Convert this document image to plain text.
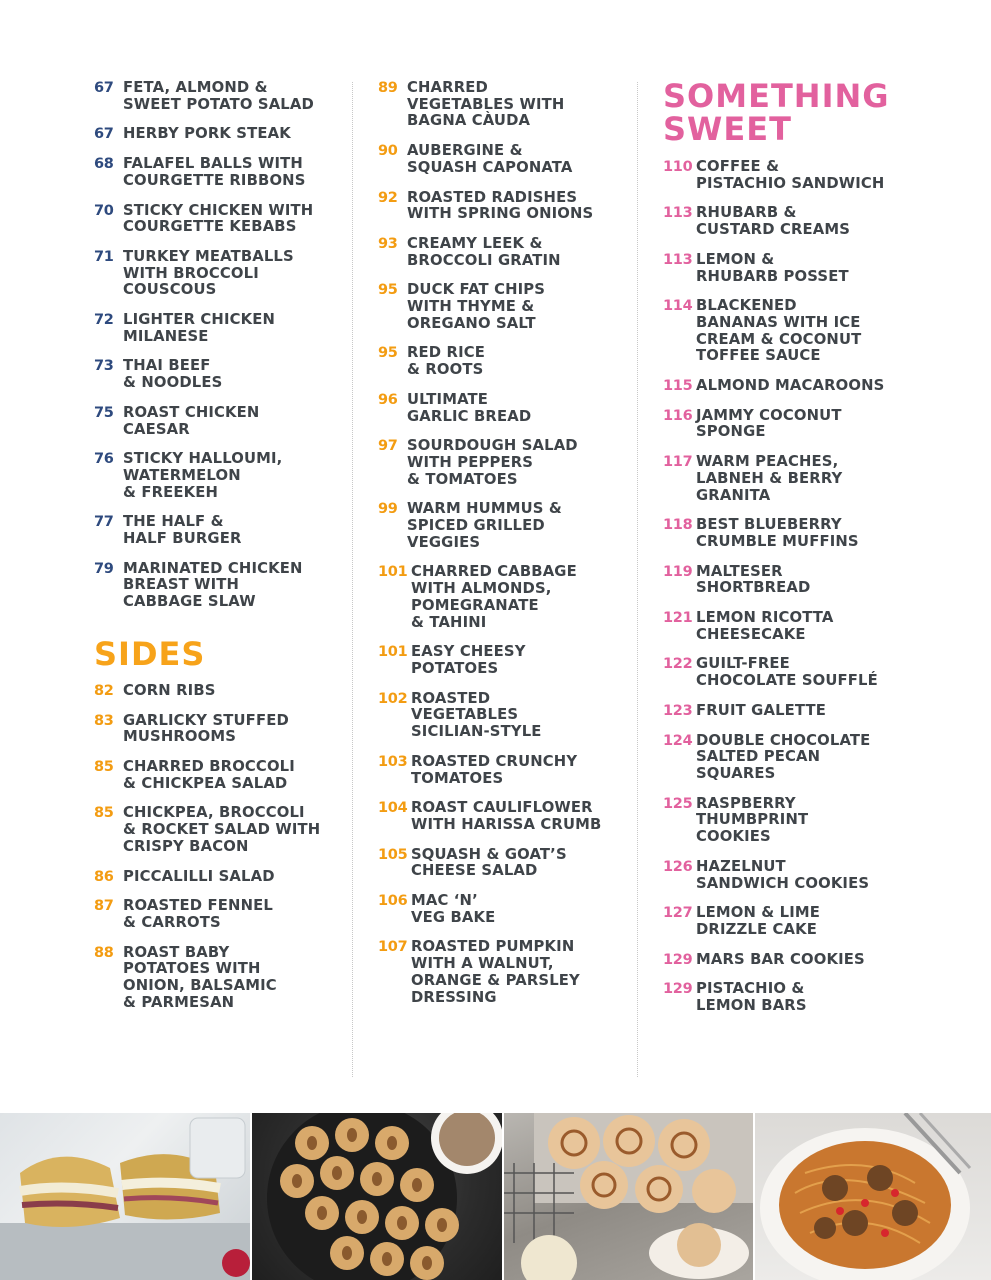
67 FETA, ALMOND &
SWEET POTATO SALAD
67 HERBY PORK STEAK
68 FALAFEL BALLS WITH
COURGETTE RIBBONS
70 STICKY CHICKEN WITH
COURGETTE KEBABS
71 TURKEY MEATBALLS
WITH BROCCOLI
COUSCOUS
72 LIGHTER CHICKEN
MILANESE
73 THAI BEEF
& NOODLES
75 ROAST CHICKEN
CAESAR
76 STICKY HALLOUMI,
WATERMELON
& FREEKEH
77 THE HALF &
HALF BURGER
79 MARINATED CHICKEN
BREAST WITH
CABBAGE SLAW
SIDES
82 CORN RIBS
83 GARLICKY STUFFED
MUSHROOMS
85 CHARRED BROCCOLI
& CHICKPEA SALAD
85 CHICKPEA, BROCCOLI
& ROCKET SALAD WITH
CRISPY BACON
86 PICCALILLI SALAD
87 ROASTED FENNEL
& CARROTS
88 ROAST BABY
POTATOES WITH
ONION, BALSAMIC
& PARMESAN
89 CHARRED
VEGETABLES WITH
BAGNA CÀUDA
90 AUBERGINE &
SQUASH CAPONATA
92 ROASTED RADISHES
WITH SPRING ONIONS
93 CREAMY LEEK &
BROCCOLI GRATIN
95 DUCK FAT CHIPS
WITH THYME &
OREGANO SALT
95 RED RICE
& ROOTS
96 ULTIMATE
GARLIC BREAD
97 SOURDOUGH SALAD
WITH PEPPERS
& TOMATOES
99 WARM HUMMUS &
SPICED GRILLED
VEGGIES
101 CHARRED CABBAGE
WITH ALMONDS,
POMEGRANATE
& TAHINI
101 EASY CHEESY
POTATOES
102 ROASTED
VEGETABLES
SICILIAN-STYLE
103 ROASTED CRUNCHY
TOMATOES
104 ROAST CAULIFLOWER
WITH HARISSA CRUMB
105 SQUASH & GOAT’S
CHEESE SALAD
106 MAC ‘N’
VEG BAKE
107 ROASTED PUMPKIN
WITH A WALNUT,
ORANGE & PARSLEY
DRESSING
SOMETHING
SWEET
110 COFFEE &
PISTACHIO SANDWICH
113 RHUBARB &
CUSTARD CREAMS
113 LEMON &
RHUBARB POSSET
114 BLACKENED
BANANAS WITH ICE
CREAM & COCONUT
TOFFEE SAUCE
115 ALMOND MACAROONS
116 JAMMY COCONUT
SPONGE
117 WARM PEACHES,
LABNEH & BERRY
GRANITA
118 BEST BLUEBERRY
CRUMBLE MUFFINS
119 MALTESER
SHORTBREAD
121 LEMON RICOTTA
CHEESECAKE
122 GUILT-FREE
CHOCOLATE SOUFFLÉ
123 FRUIT GALETTE
124 DOUBLE CHOCOLATE
SALTED PECAN
SQUARES
125 RASPBERRY
THUMBPRINT
COOKIES
126 HAZELNUT
SANDWICH COOKIES
127 LEMON & LIME
DRIZZLE CAKE
129 MARS BAR COOKIES
129 PISTACHIO &
LEMON BARS
